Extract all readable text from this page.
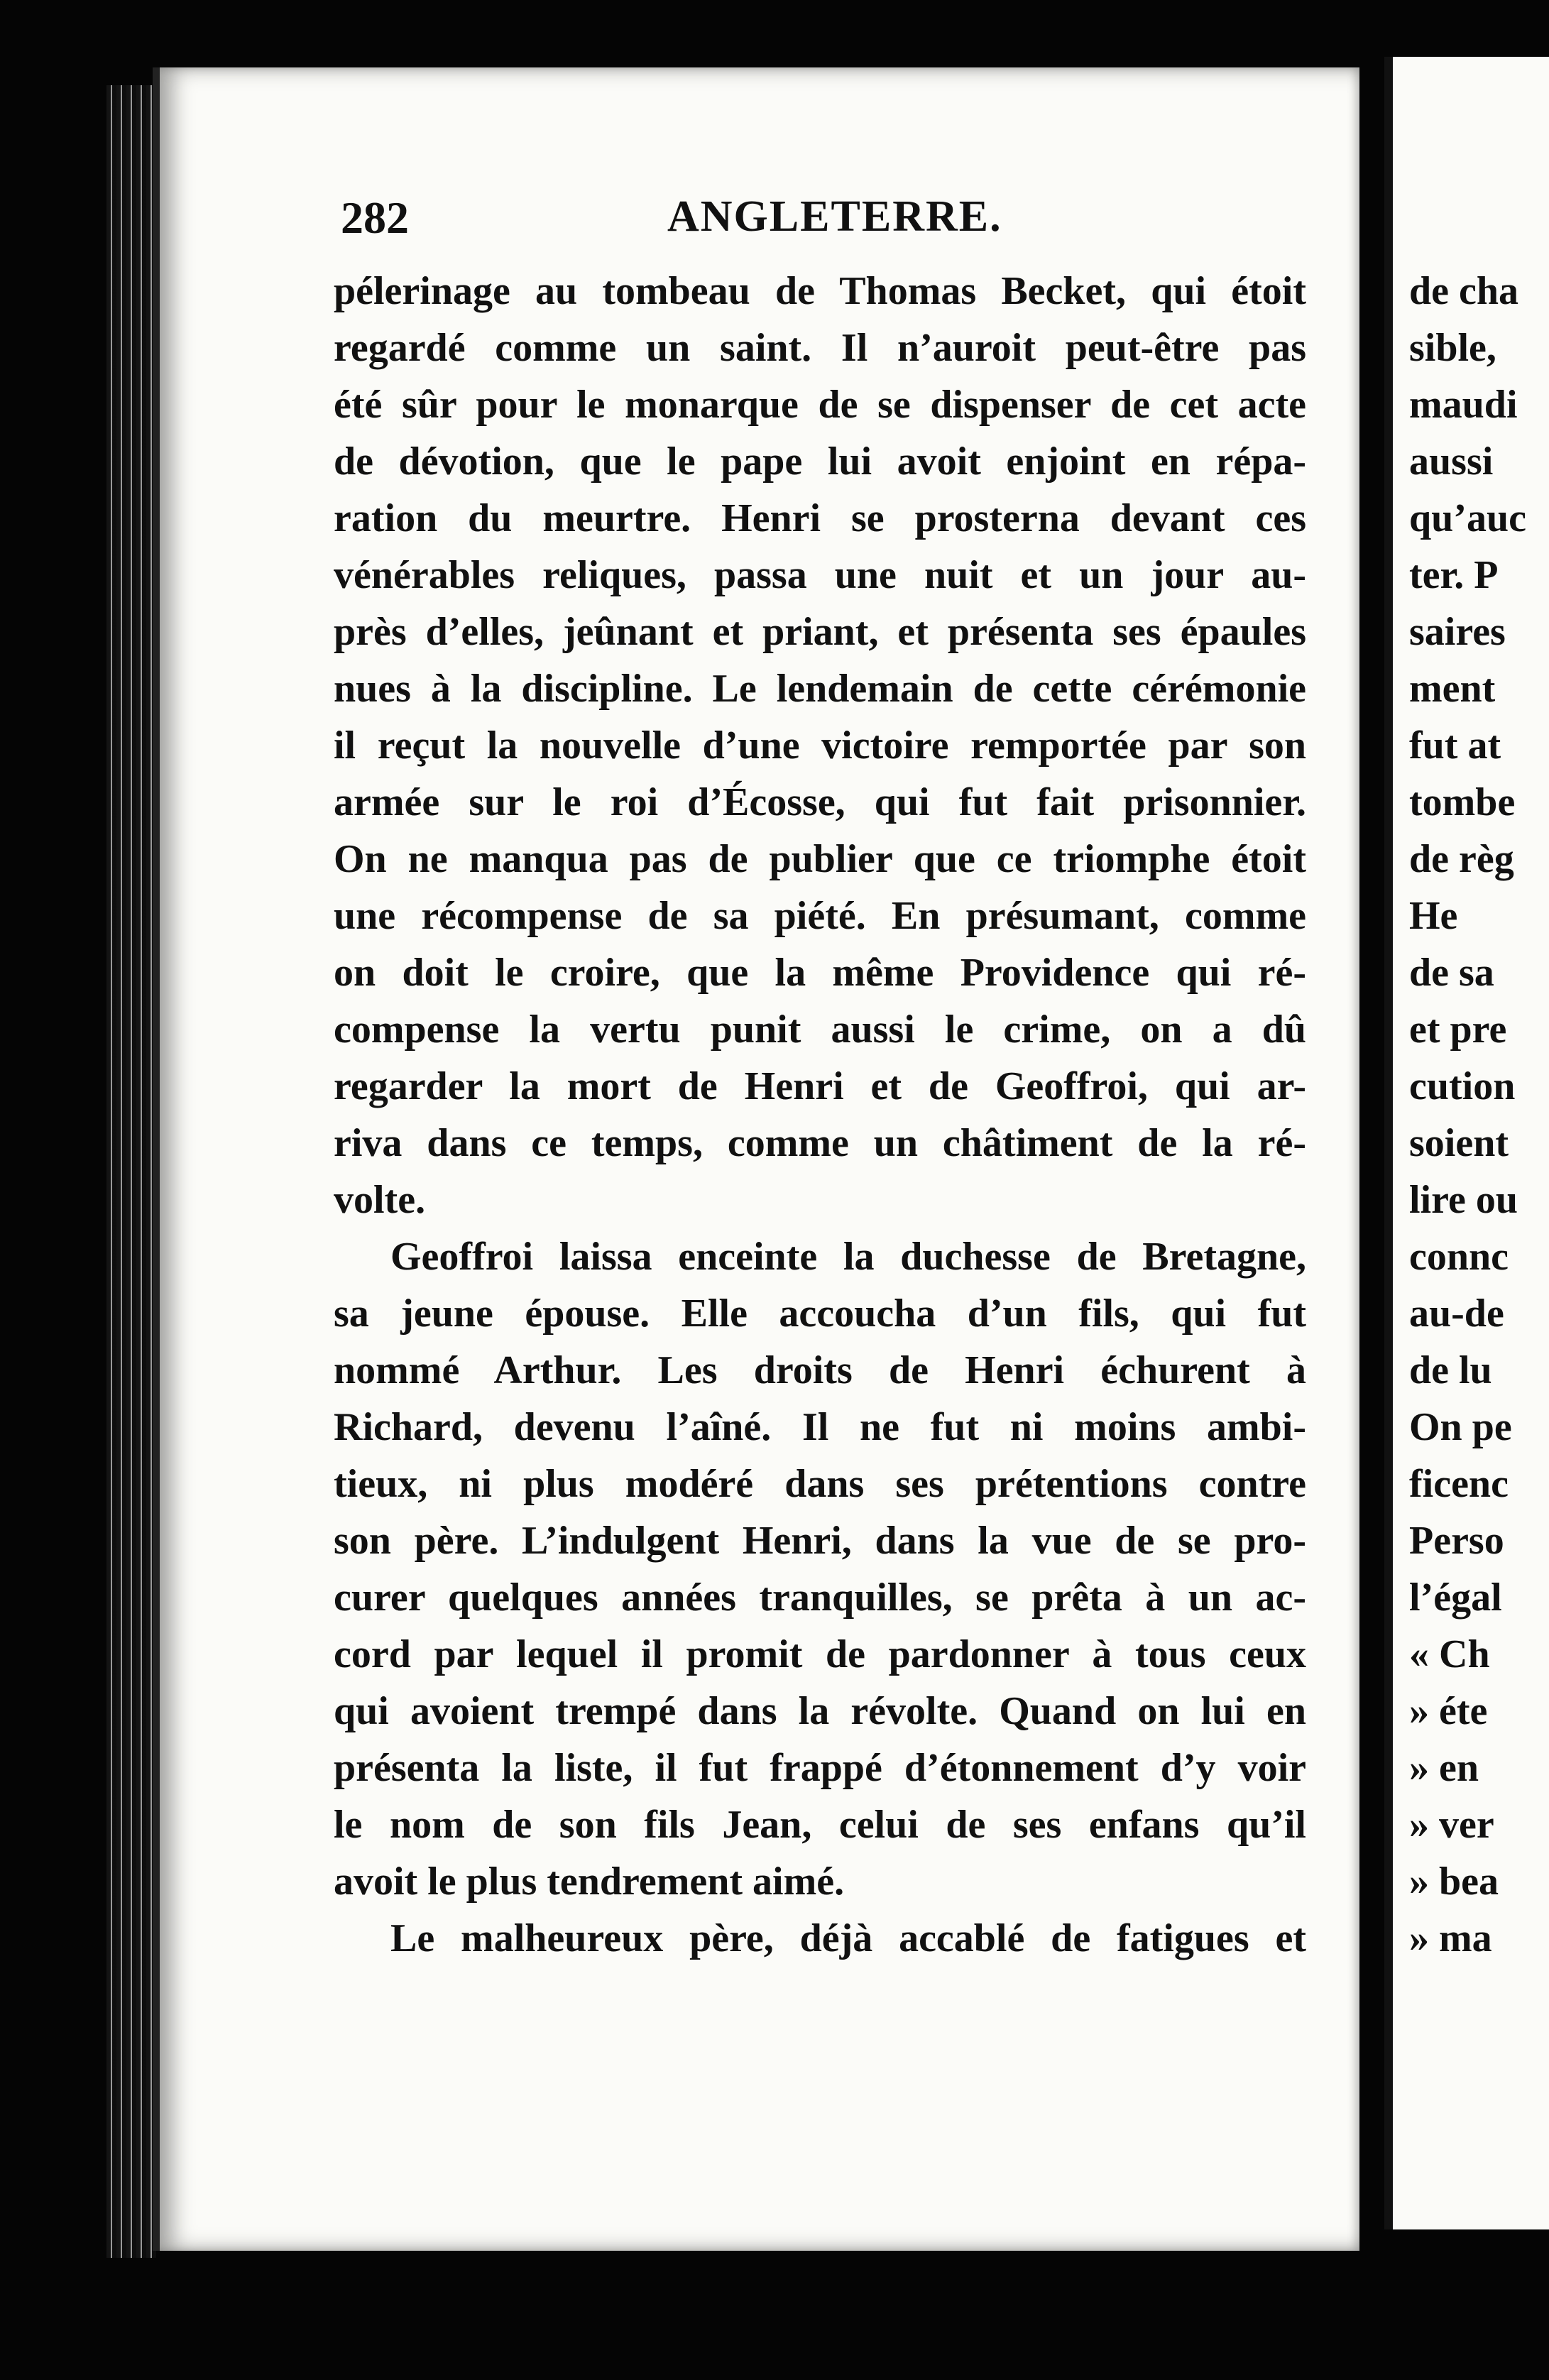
282	ANGLETERRE.
pélerinage au tombeau de Thomas Becket, qui étoit
regardé comme un saint. Il n’auroit peut-être pas
été sûr pour le monarque de se dispenser de cet acte
de dévotion, que le pape lui avoit enjoint en répa-
ration du meurtre. Henri se prosterna devant ces
vénérables reliques, passa une nuit et un jour au-
près d’elles, jeûnant et priant, et présenta ses épaules
nues à la discipline. Le lendemain de cette cérémonie
il reçut la nouvelle d’une victoire remportée par son
armée sur le roi d’Écosse, qui fut fait prisonnier.
On ne manqua pas de publier que ce triomphe étoit
une récompense de sa piété. En présumant, comme
on doit le croire, que la même Providence qui ré-
compense la vertu punit aussi le crime, on a dû
regarder la mort de Henri et de Geoffroi, qui ar-
riva dans ce temps, comme un châtiment de la ré-
volte.
Geoffroi laissa enceinte la duchesse de Bretagne,
sa jeune épouse. Elle accoucha d’un fils, qui fut
nommé Arthur. Les droits de Henri échurent à
Richard, devenu l’aîné. Il ne fut ni moins ambi-
tieux, ni plus modéré dans ses prétentions contre
son père. L’indulgent Henri, dans la vue de se pro-
curer quelques années tranquilles, se prêta à un ac-
cord par lequel il promit de pardonner à tous ceux
qui avoient trempé dans la révolte. Quand on lui en
présenta la liste, il fut frappé d’étonnement d’y voir
le nom de son fils Jean, celui de ses enfans qu’il
avoit le plus tendrement aimé.
Le malheureux père, déjà accablé de fatigues et
de cha
sible,
maudi
aussi
qu’auc
ter. P
saires
ment
fut at
tombe
de règ
He
de sa
et pre
cution
soient
lire ou
connc
au-de
de lu
On pe
ficenc
Perso
l’égal
« Ch
» éte
» en
» ver
» bea
» ma
